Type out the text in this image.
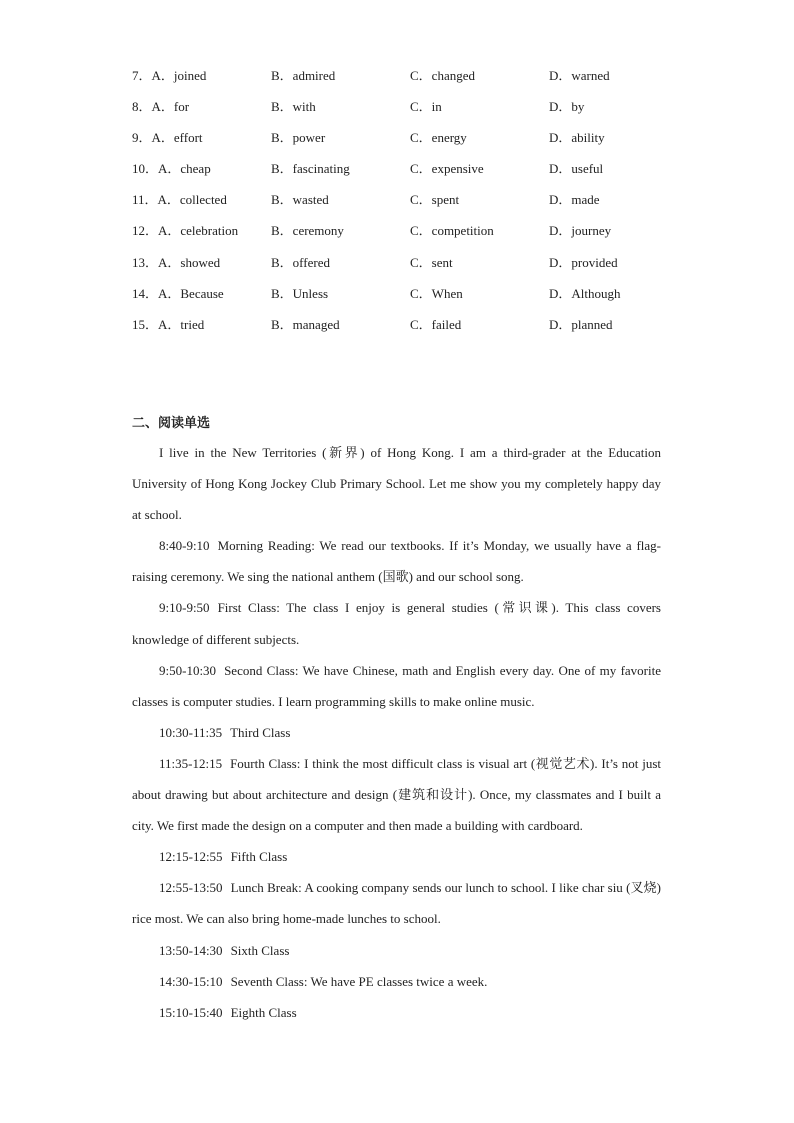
7．A．joined	B．admired	C．changed	D．warned
8．A．for	B．with	C．in	D．by
9．A．effort	B．power	C．energy	D．ability
10．A．cheap	B．fascinating	C．expensive	D．useful
11．A．collected	B．wasted	C．spent	D．made
12．A．celebration	B．ceremony	C．competition	D．journey
13．A．showed	B．offered	C．sent	D．provided
14．A．Because	B．Unless	C．When	D．Although
15．A．tried	B．managed	C．failed	D．planned
二、阅读单选

I live in the New Territories (新界) of Hong Kong. I am a third-grader at the Education University of Hong Kong Jockey Club Primary School. Let me show you my completely happy day at school.

8:40-9:10 Morning Reading: We read our textbooks. If it’s Monday, we usually have a flag-raising ceremony. We sing the national anthem (国歌) and our school song.

9:10-9:50 First Class: The class I enjoy is general studies (常识课). This class covers knowledge of different subjects.

9:50-10:30 Second Class: We have Chinese, math and English every day. One of my favorite classes is computer studies. I learn programming skills to make online music.

10:30-11:35 Third Class

11:35-12:15 Fourth Class: I think the most difficult class is visual art (视觉艺术). It’s not just about drawing but about architecture and design (建筑和设计). Once, my classmates and I built a city. We first made the design on a computer and then made a building with cardboard.

12:15-12:55 Fifth Class

12:55-13:50 Lunch Break: A cooking company sends our lunch to school. I like char siu (叉烧) rice most. We can also bring home-made lunches to school.

13:50-14:30 Sixth Class

14:30-15:10 Seventh Class: We have PE classes twice a week.

15:10-15:40 Eighth Class
